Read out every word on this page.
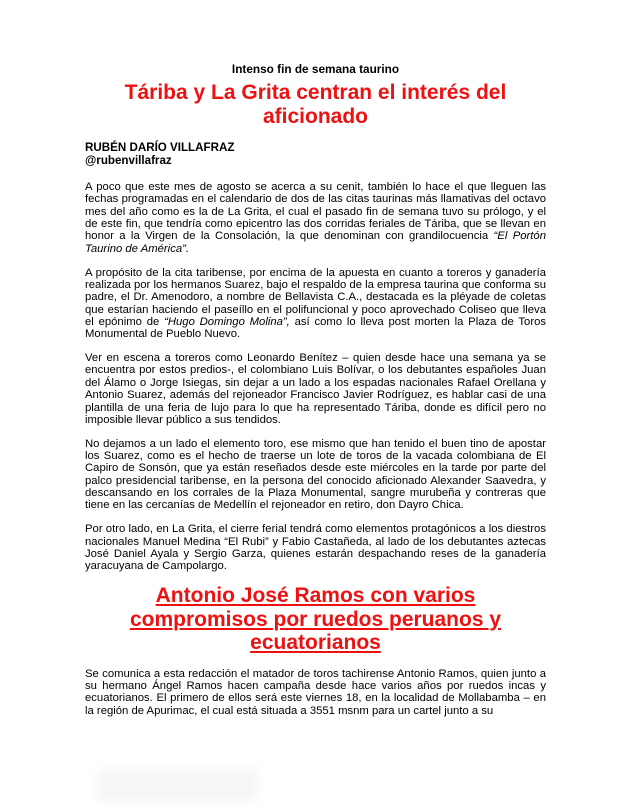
Intenso fin de semana taurino
Táriba y La Grita centran el interés del aficionado
RUBÉN DARÍO VILLAFRAZ
@rubenvillafraz

A poco que este mes de agosto se acerca a su cenit, también lo hace el que lleguen las fechas programadas en el calendario de dos de las citas taurinas más llamativas del octavo mes del año como es la de La Grita, el cual el pasado fin de semana tuvo su prólogo, y el de este fin, que tendría como epicentro las dos corridas feriales de Táriba, que se llevan en honor a la Virgen de la Consolación, la que denominan con grandilocuencia “El Portón Taurino de América”.

A propósito de la cita taribense, por encima de la apuesta en cuanto a toreros y ganadería realizada por los hermanos Suarez, bajo el respaldo de la empresa taurina que conforma su padre, el Dr. Amenodoro, a nombre de Bellavista C.A., destacada es la pléyade de coletas que estarían haciendo el paseíllo en el polifuncional y poco aprovechado Coliseo que lleva el epónimo de “Hugo Domingo Molina”, así como lo lleva post morten la Plaza de Toros Monumental de Pueblo Nuevo.

Ver en escena a toreros como Leonardo Benítez – quien desde hace una semana ya se encuentra por estos predios-, el colombiano Luis Bolívar, o los debutantes españoles Juan del Álamo o Jorge Isiegas, sin dejar a un lado a los espadas nacionales Rafael Orellana y Antonio Suarez, además del rejoneador Francisco Javier Rodríguez, es hablar casi de una plantilla de una feria de lujo para lo que ha representado Táriba, donde es difícil pero no imposible llevar público a sus tendidos.

No dejamos a un lado el elemento toro, ese mismo que han tenido el buen tino de apostar los Suarez, como es el hecho de traerse un lote de toros de la vacada colombiana de El Capiro de Sonsón, que ya están reseñados desde este miércoles en la tarde por parte del palco presidencial taribense, en la persona del conocido aficionado Alexander Saavedra, y descansando en los corrales de la Plaza Monumental, sangre murubeña y contreras que tiene en las cercanías de Medellín el rejoneador en retiro, don Dayro Chica.

Por otro lado, en La Grita, el cierre ferial tendrá como elementos protagónicos a los diestros nacionales Manuel Medina “El Rubi” y Fabio Castañeda, al lado de los debutantes aztecas José Daniel Ayala y Sergio Garza, quienes estarán despachando reses de la ganadería yaracuyana de Campolargo.

Antonio José Ramos con varios compromisos por ruedos peruanos y ecuatorianos

Se comunica a esta redacción el matador de toros tachirense Antonio Ramos, quien junto a su hermano Ángel Ramos hacen campaña desde hace varios años por ruedos incas y ecuatorianos. El primero de ellos será este viernes 18, en la localidad de Mollabamba – en la región de Apurimac, el cual está situada a 3551 msnm para un cartel junto a su
